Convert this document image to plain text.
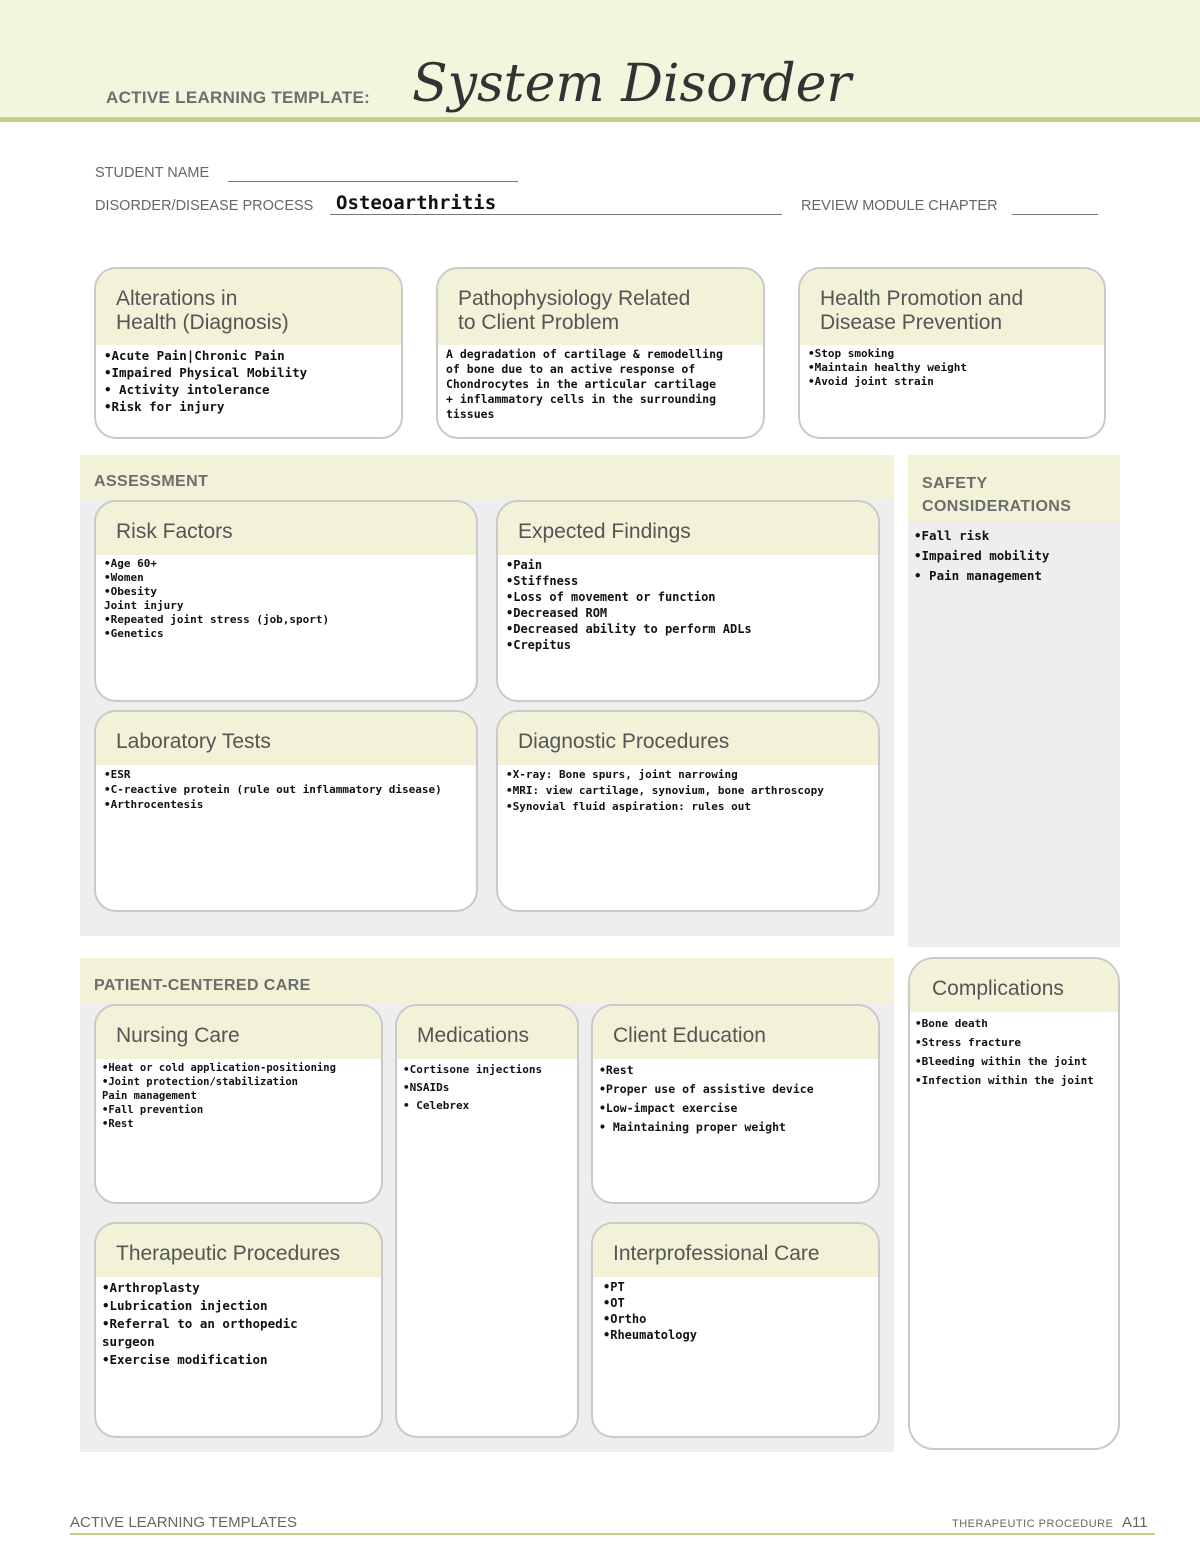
ACTIVE LEARNING TEMPLATE: System Disorder
STUDENT NAME
DISORDER/DISEASE PROCESS Osteoarthritis	REVIEW MODULE CHAPTER
Alterations in
Health (Diagnosis)
•Acute Pain|Chronic Pain
•Impaired Physical Mobility
• Activity intolerance
•Risk for injury
Pathophysiology Related
to Client Problem
A degradation of cartilage & remodelling
of bone due to an active response of
Chondrocytes in the articular cartilage
+ inflammatory cells in the surrounding
tissues
Health Promotion and
Disease Prevention
•Stop smoking
•Maintain healthy weight
•Avoid joint strain
ASSESSMENT
Risk Factors
•Age 60+
•Women
•Obesity
Joint injury
•Repeated joint stress (job,sport)
•Genetics
Expected Findings
•Pain
•Stiffness
•Loss of movement or function
•Decreased ROM
•Decreased ability to perform ADLs
•Crepitus
Laboratory Tests
•ESR
•C-reactive protein (rule out inflammatory disease)
•Arthrocentesis
Diagnostic Procedures
•X-ray: Bone spurs, joint narrowing
•MRI: view cartilage, synovium, bone arthroscopy
•Synovial fluid aspiration: rules out
SAFETY
CONSIDERATIONS
•Fall risk
•Impaired mobility
• Pain management
Complications
•Bone death
•Stress fracture
•Bleeding within the joint
•Infection within the joint
PATIENT-CENTERED CARE
Nursing Care
•Heat or cold application-positioning
•Joint protection/stabilization
Pain management
•Fall prevention
•Rest
Medications
•Cortisone injections
•NSAIDs
• Celebrex
Client Education
•Rest
•Proper use of assistive device
•Low-impact exercise
• Maintaining proper weight
Therapeutic Procedures
•Arthroplasty
•Lubrication injection
•Referral to an orthopedic
surgeon
•Exercise modification
Interprofessional Care
•PT
•OT
•Ortho
•Rheumatology
ACTIVE LEARNING TEMPLATES	THERAPEUTIC PROCEDURE A11
